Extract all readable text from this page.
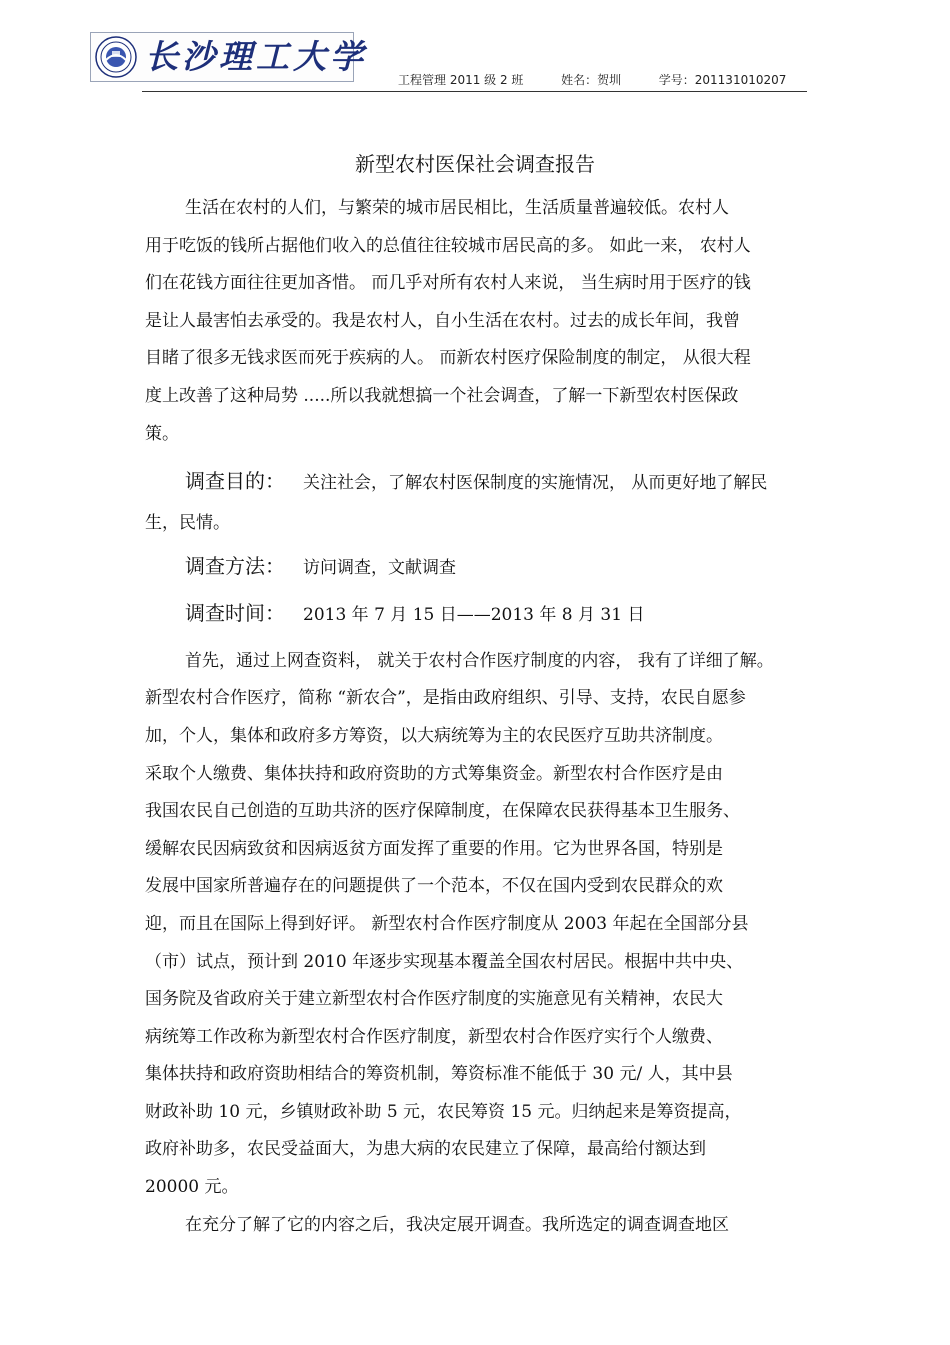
长沙理工大学
工程管理 2011 级 2 班	姓名：贺圳	学号：201131010207
新型农村医保社会调查报告
生活在农村的人们，与繁荣的城市居民相比，生活质量普遍较低。农村人
用于吃饭的钱所占据他们收入的总值往往较城市居民高的多。 如此一来， 农村人
们在花钱方面往往更加吝惜。 而几乎对所有农村人来说， 当生病时用于医疗的钱
是让人最害怕去承受的。我是农村人，自小生活在农村。过去的成长年间，我曾
目睹了很多无钱求医而死于疾病的人。 而新农村医疗保险制度的制定， 从很大程
度上改善了这种局势 .....所以我就想搞一个社会调查，了解一下新型农村医保政
策。
调查目的： 关注社会，了解农村医保制度的实施情况， 从而更好地了解民
生，民情。
调查方法： 访问调查，文献调查
调查时间： 2013 年 7 月 15 日——2013 年 8 月 31 日
首先，通过上网查资料， 就关于农村合作医疗制度的内容， 我有了详细了解。
新型农村合作医疗，简称 “新农合”，是指由政府组织、引导、支持，农民自愿参
加，个人，集体和政府多方筹资，以大病统筹为主的农民医疗互助共济制度。
采取个人缴费、集体扶持和政府资助的方式筹集资金。新型农村合作医疗是由
我国农民自己创造的互助共济的医疗保障制度，在保障农民获得基本卫生服务、
缓解农民因病致贫和因病返贫方面发挥了重要的作用。它为世界各国，特别是
发展中国家所普遍存在的问题提供了一个范本，不仅在国内受到农民群众的欢
迎，而且在国际上得到好评。 新型农村合作医疗制度从 2003 年起在全国部分县
（市）试点，预计到 2010 年逐步实现基本覆盖全国农村居民。根据中共中央、
国务院及省政府关于建立新型农村合作医疗制度的实施意见有关精神，农民大
病统筹工作改称为新型农村合作医疗制度，新型农村合作医疗实行个人缴费、
集体扶持和政府资助相结合的筹资机制，筹资标准不能低于 30 元/ 人，其中县
财政补助 10 元，乡镇财政补助 5 元，农民筹资 15 元。归纳起来是筹资提高，
政府补助多，农民受益面大，为患大病的农民建立了保障，最高给付额达到
20000 元。
在充分了解了它的内容之后，我决定展开调查。我所选定的调查调查地区
